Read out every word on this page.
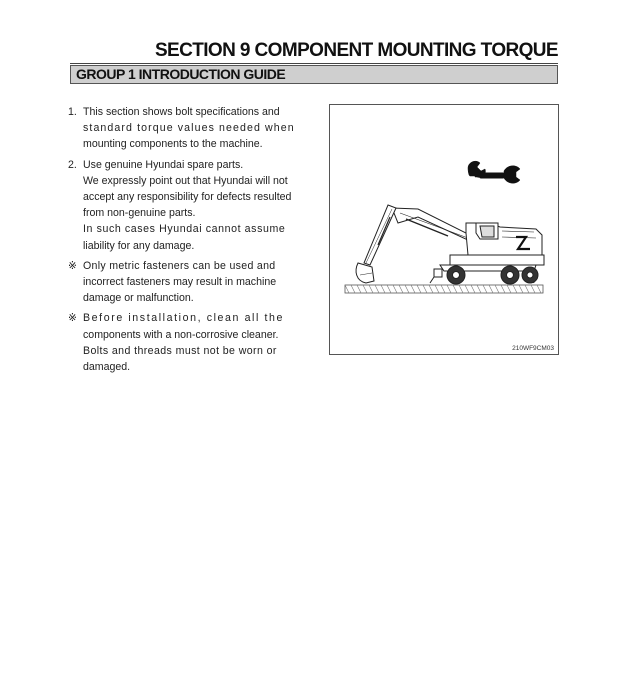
SECTION 9 COMPONENT MOUNTING TORQUE
GROUP 1 INTRODUCTION GUIDE
1. This section shows bolt specifications and
standard torque values needed when
mounting components to the machine.

2. Use genuine Hyundai spare parts.
We expressly point out that Hyundai will not
accept any responsibility for defects resulted
from non-genuine parts.
In such cases Hyundai cannot assume
liability for any damage.

※ Only metric fasteners can be used and
incorrect fasteners may result in machine
damage or malfunction.

※ Before installation, clean all the
components with a non-corrosive cleaner.
Bolts and threads must not be worn or
damaged.

210WF9CM03
